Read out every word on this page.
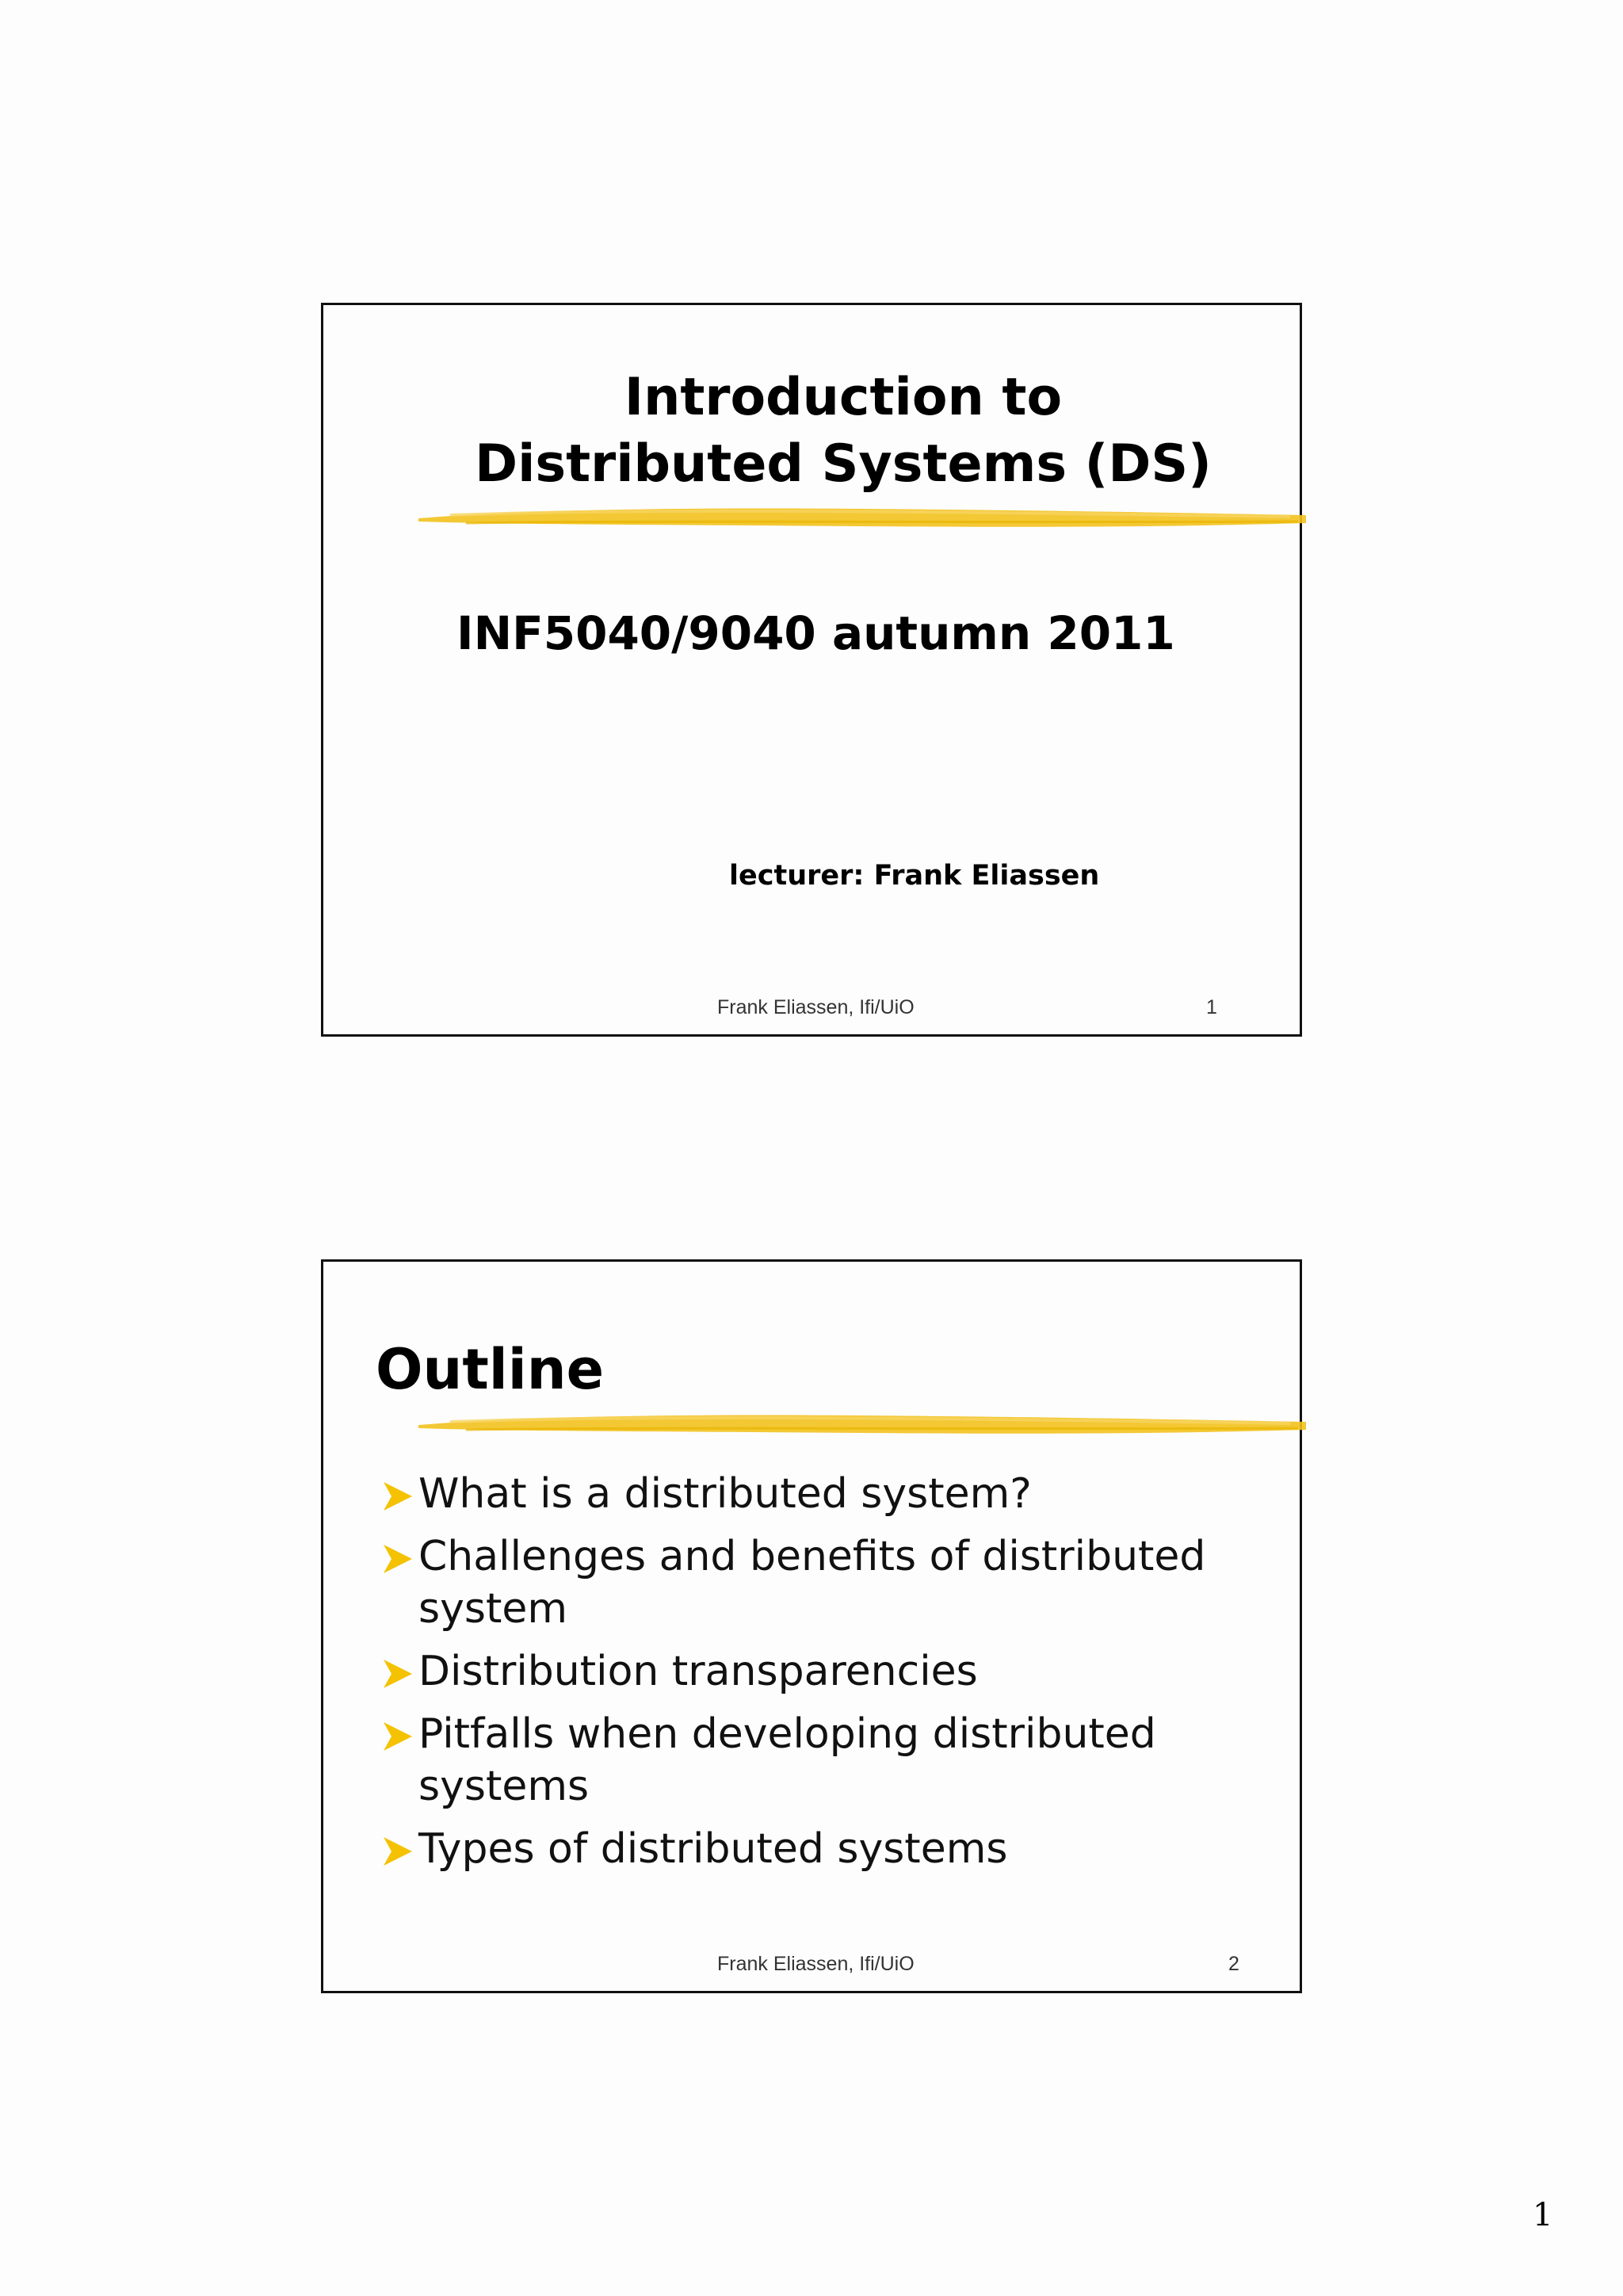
Introduction to
Distributed Systems (DS)
INF5040/9040 autumn 2011
lecturer: Frank Eliassen
Frank Eliassen, Ifi/UiO	1
Outline
What is a distributed system?
Challenges and benefits of distributed system
Distribution transparencies
Pitfalls when developing distributed systems
Types of distributed systems
Frank Eliassen, Ifi/UiO	2
1
